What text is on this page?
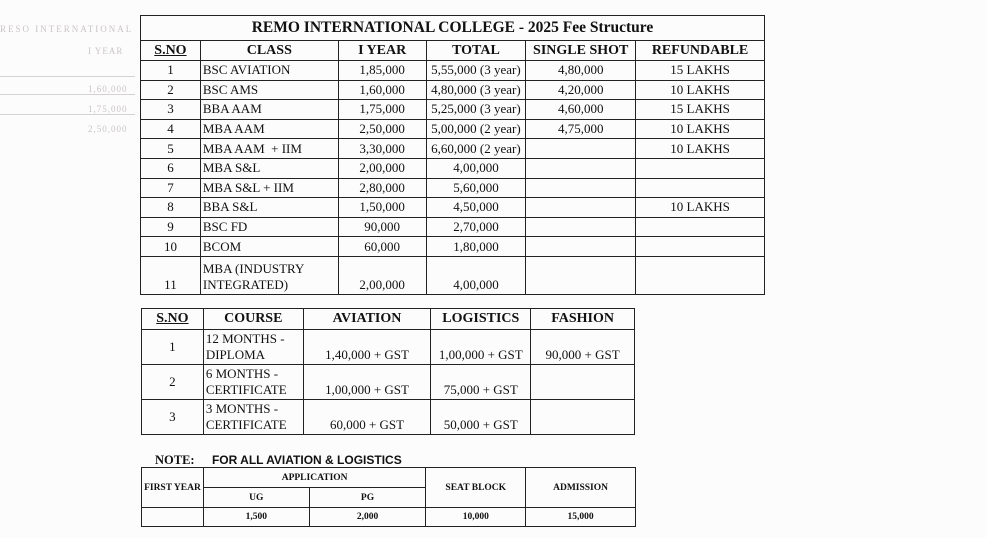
RESO INTERNATIONAL
I YEAR
1,60,000
1,75,000
2,50,000
REMO INTERNATIONAL COLLEGE - 2025 Fee Structure					
S.NO	CLASS	I YEAR	TOTAL	SINGLE SHOT	REFUNDABLE
1	BSC AVIATION	1,85,000	5,55,000 (3 year)	4,80,000	15 LAKHS
2	BSC AMS	1,60,000	4,80,000 (3 year)	4,20,000	10 LAKHS
3	BBA AAM	1,75,000	5,25,000 (3 year)	4,60,000	15 LAKHS
4	MBA AAM	2,50,000	5,00,000 (2 year)	4,75,000	10 LAKHS
5	MBA AAM  + IIM	3,30,000	6,60,000 (2 year)		10 LAKHS
6	MBA S&L	2,00,000	4,00,000		
7	MBA S&L + IIM	2,80,000	5,60,000		
8	BBA S&L	1,50,000	4,50,000		10 LAKHS
9	BSC FD	90,000	2,70,000		
10	BCOM	60,000	1,80,000		
11	MBA (INDUSTRY
INTEGRATED)	2,00,000	4,00,000		
S.NO	COURSE	AVIATION	LOGISTICS	FASHION
1	12 MONTHS -
DIPLOMA	1,40,000 + GST	1,00,000 + GST	90,000 + GST
2	6 MONTHS -
CERTIFICATE	1,00,000 + GST	75,000 + GST	
3	3 MONTHS -
CERTIFICATE	60,000 + GST	50,000 + GST	
NOTE: FOR ALL AVIATION & LOGISTICS
FIRST YEAR	APPLICATION		SEAT BLOCK	ADMISSION
	UG	PG		
	1,500	2,000	10,000	15,000
